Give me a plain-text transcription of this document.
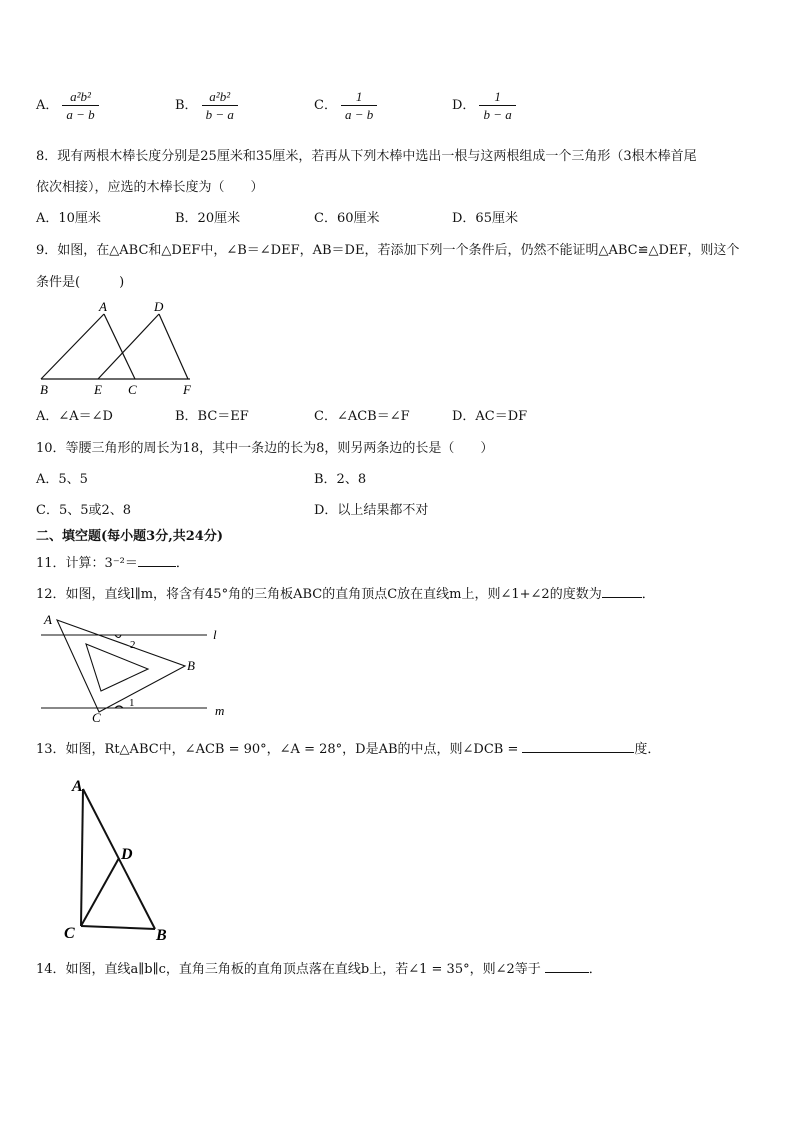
A． $\frac{\text{a²b²}}{a - b}$	B． $\frac{\text{a²b²}}{b - a}$	C． $\frac{1}{a - b}$	D． $\frac{1}{b - a}$
8．现有两根木棒长度分别是25厘米和35厘米，若再从下列木棒中选出一根与这两根组成一个三角形（3根木棒首尾
依次相接），应选的木棒长度为（　　）
A．10厘米	B．20厘米	C．60厘米	D．65厘米
9．如图，在△ABC和△DEF中，∠B＝∠DEF，AB＝DE，若添加下列一个条件后，仍然不能证明△ABC≌△DEF，则这个
条件是(　　　)
A	D
B	E C	F
A．∠A＝∠D	B．BC＝EF	C．∠ACB＝∠F	D．AC＝DF
10．等腰三角形的周长为18，其中一条边的长为8，则另两条边的长是（　　）
A．5、5	B．2、8
C．5、5或2、8	D．以上结果都不对
二、填空题(每小题3分,共24分)
11．计算：3⁻²＝	．
12．如图，直线l∥m，将含有45°角的三角板ABC的直角顶点C放在直线m上，则∠1+∠2的度数为	．
A
B
C
l
m
2
1
13．如图，Rt△ABC中，∠ACB = 90°，∠A = 28°，D是AB的中点，则∠DCB =	度．
A
D
C	B
14．如图，直线a∥b∥c，直角三角板的直角顶点落在直线b上，若∠1 = 35°，则∠2等于	．
